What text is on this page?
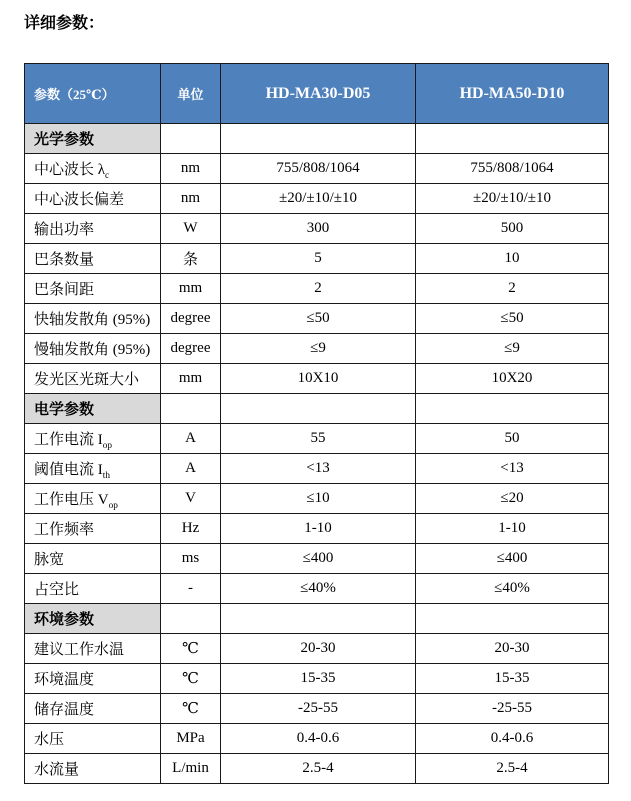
详细参数：
参数（25℃）	单位	HD-MA30-D05	HD-MA50-D10
光学参数			
中心波长 $\lambda_c$	nm	755/808/1064	755/808/1064
中心波长偏差	nm	±20/±10/±10	±20/±10/±10
输出功率	W	300	500
巴条数量	条	5	10
巴条间距	mm	2	2
快轴发散角 (95%)	degree	≤50	≤50
慢轴发散角 (95%)	degree	≤9	≤9
发光区光斑大小	mm	10X10	10X20
电学参数			
工作电流 $I_{op}$	A	55	50
阈值电流 $I_{th}$	A	<13	<13
工作电压 $V_{op}$	V	≤10	≤20
工作频率	Hz	1-10	1-10
脉宽	ms	≤400	≤400
占空比	-	≤40%	≤40%
环境参数			
建议工作水温	℃	20-30	20-30
环境温度	℃	15-35	15-35
储存温度	℃	-25-55	-25-55
水压	MPa	0.4-0.6	0.4-0.6
水流量	L/min	2.5-4	2.5-4
